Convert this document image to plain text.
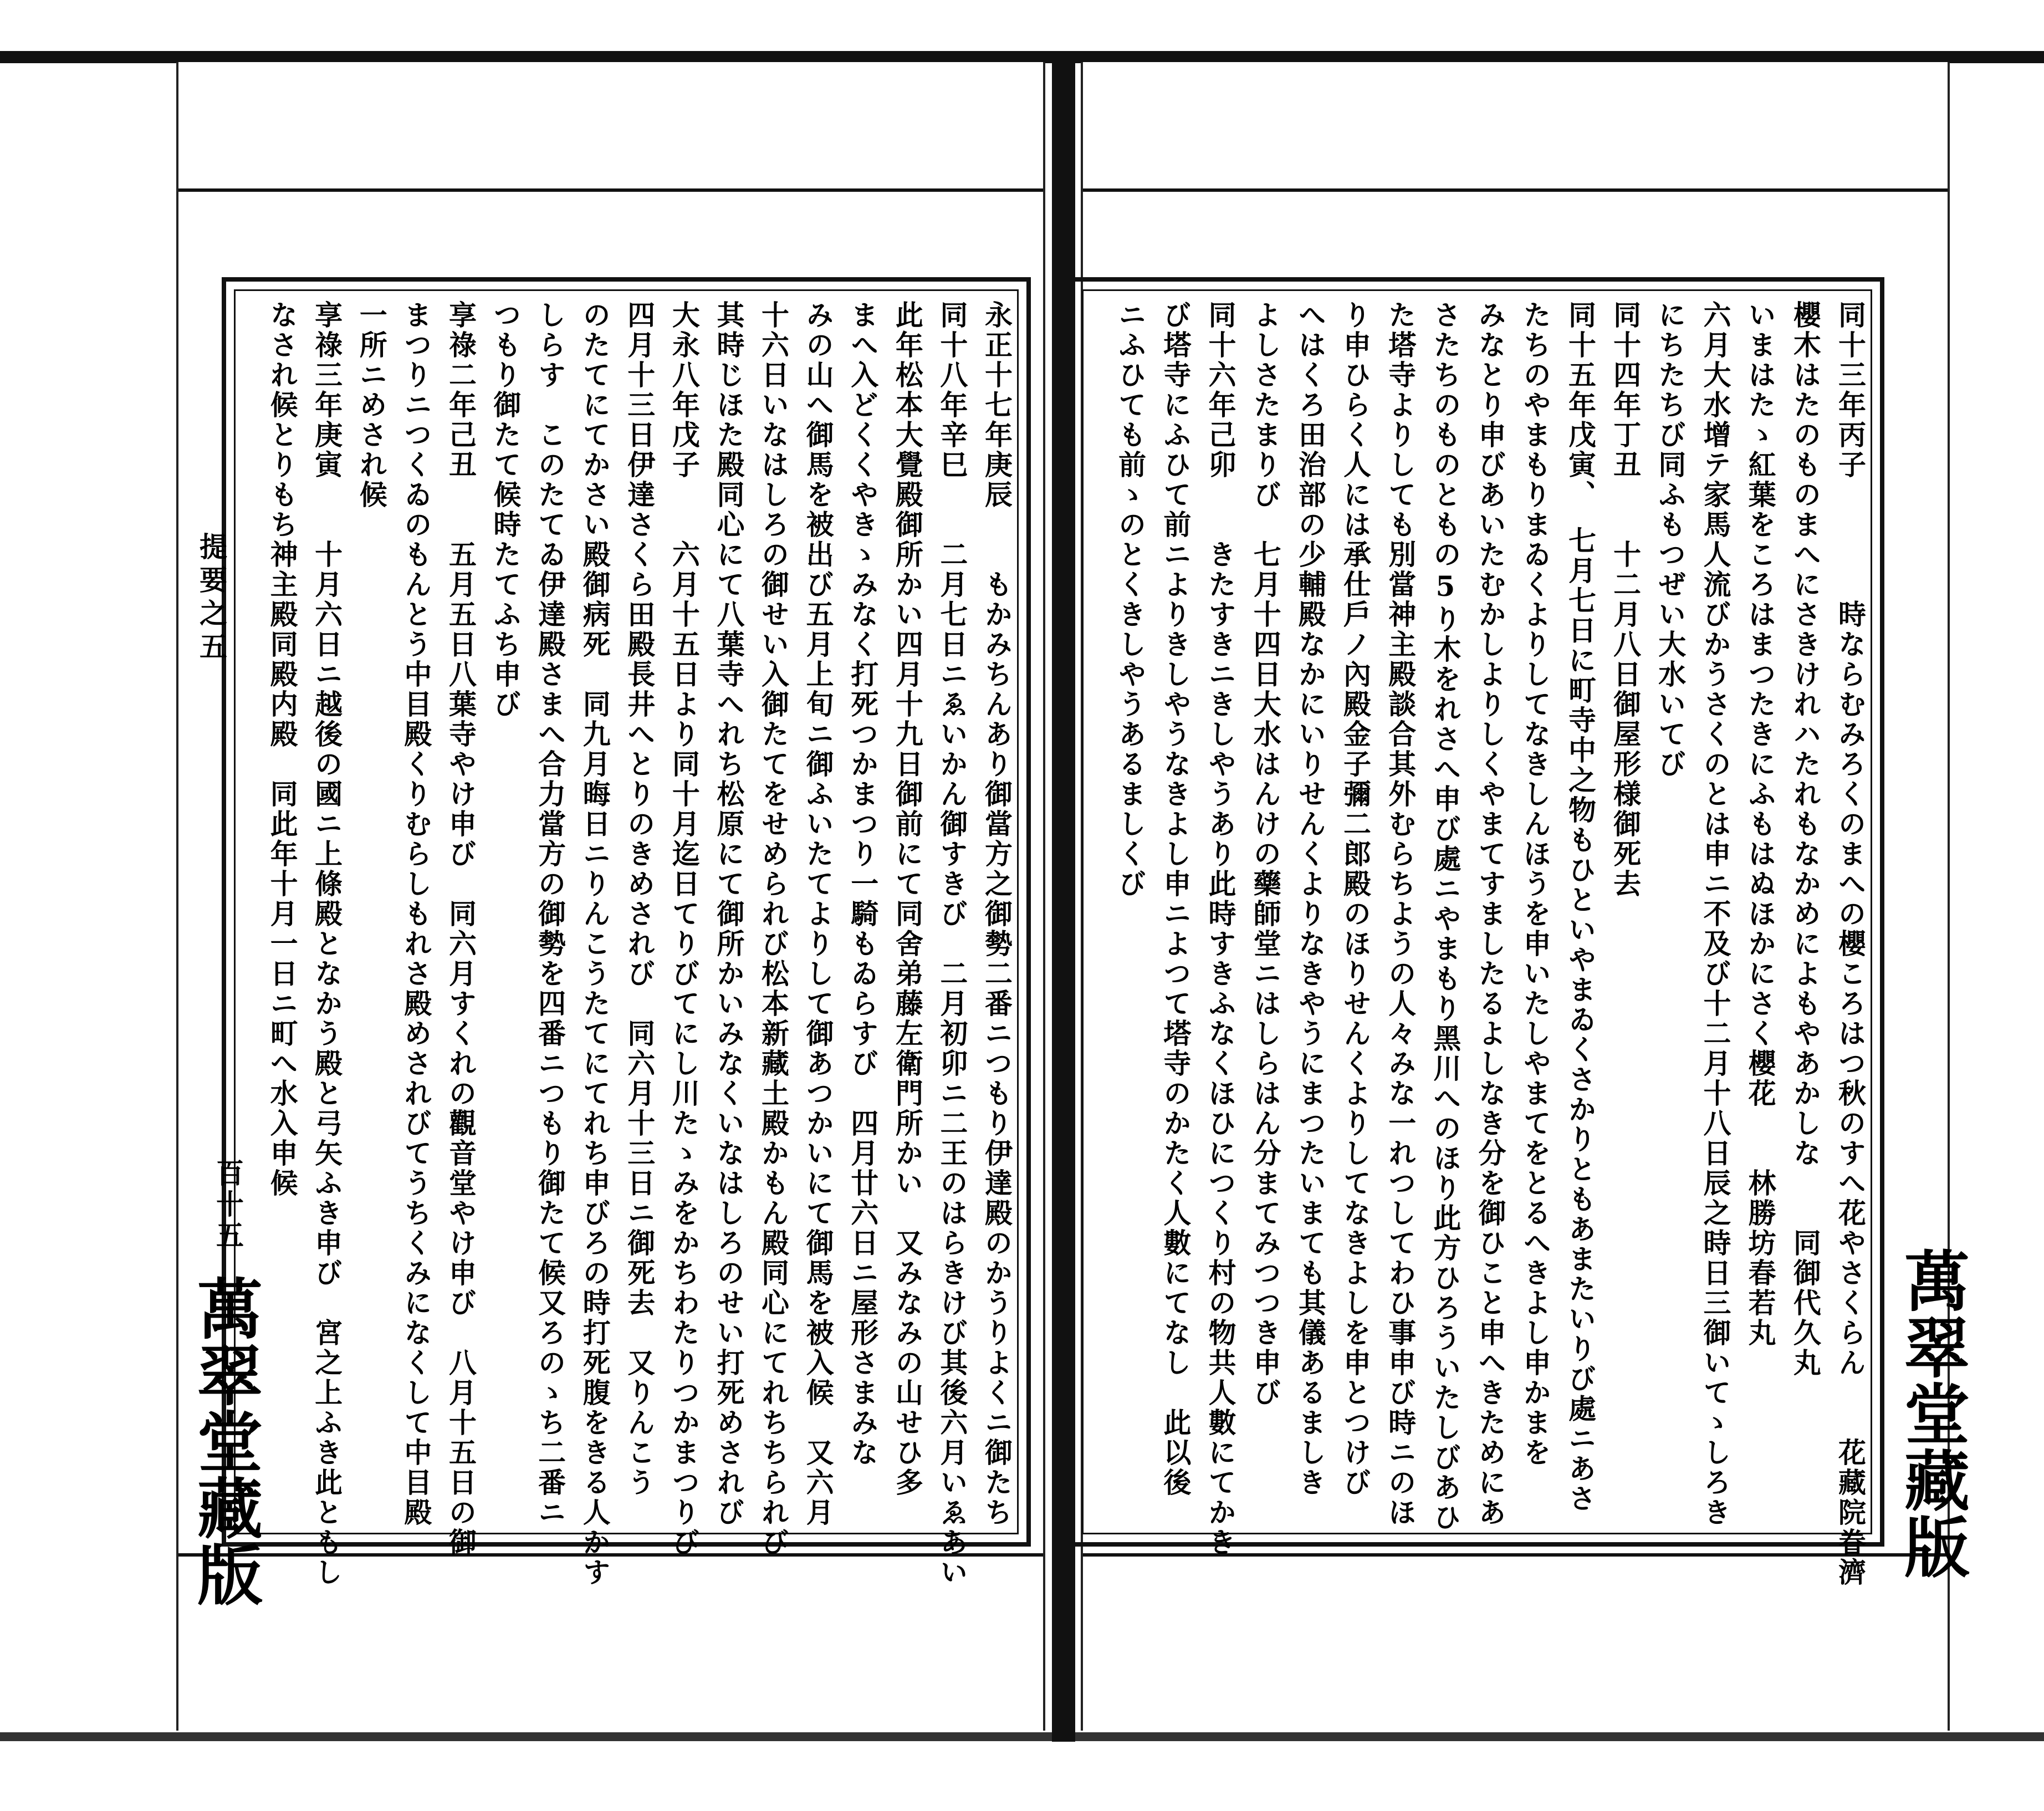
永正十七年庚辰　　もかみちんあり御當方之御勢二番ニつもり伊達殿のかうりよくニ御たち
同十八年辛巳　　二月七日ニゑいかん御すきび　二月初卯ニ二王のはらきけび其後六月いゑあい
此年松本大覺殿御所かい四月十九日御前にて同舍弟藤左衛門所かい　又みなみの山せひ多
まへ入どくくやきゝみなく打死つかまつり一騎もゐらすび　四月廿六日ニ屋形さまみな
みの山へ御馬を被出び五月上旬ニ御ふいたてよりして御あつかいにて御馬を被入候　又六月
十六日いなはしろの御せい入御たてをせめられび松本新藏土殿かもん殿同心にてれちちられび
其時じほた殿同心にて八葉寺へれち松原にて御所かいみなくいなはしろのせい打死めされび
大永八年戊子　　六月十五日より同十月迄日てりびてにし川たゝみをかちわたりつかまつりび
四月十三日伊達さくら田殿長井へとりのきめされび　同六月十三日ニ御死去　又りんこう
のたてにてかさい殿御病死　同九月晦日ニりんこうたてにてれち申びろの時打死腹をきる人かす
しらす　このたてゐ伊達殿さまへ合力當方の御勢を四番ニつもり御たて候又ろのゝち二番ニ
つもり御たて候時たてふち申び
享祿二年己丑　　五月五日八葉寺やけ申び　同六月すくれの觀音堂やけ申び　八月十五日の御
まつりニつくゐのもんとう中目殿くりむらしもれさ殿めされびてうちくみになくして中目殿
一所ニめされ候
享祿三年庚寅　　十月六日ニ越後の國ニ上條殿となかう殿と弓矢ふき申び　宮之上ふき此ともし
なされ候とりもち神主殿同殿内殿　同此年十月一日ニ町へ水入申候
提要之五
百十五
萬翠堂藏版	同十三年丙子　　　　時ならむみろくのまへの櫻ころはつ秋のすへ花やさくらん　　花藏院眷濟
櫻木はたのものまへにさきけれハたれもなかめによもやあかしな　　同御代久丸
いまはたゝ紅葉をころはまつたきにふもはぬほかにさく櫻花　　林勝坊春若丸
六月大水增テ家馬人流びかうさくのとは申ニ不及び十二月十八日辰之時日三御いてゝしろき
にちたちび同ふもつぜい大水いてび
同十四年丁丑　　十二月八日御屋形様御死去
同十五年戊寅、　七月七日に町寺中之物もひといやまゐくさかりともあまたいりび處ニあさ
たちのやまもりまゐくよりしてなきしんほうを申いたしやまてをとるへきよし申かまを
みなとり申びあいたむかしよりしくやまてすましたるよしなき分を御ひこと申へきためにあ
さたちのものともの5り木をれさへ申び處ニやまもり黑川へのほり此方ひろういたしびあひ
た塔寺よりしても別當神主殿談合其外むらちようの人々みな一れつしてわひ事申び時ニのほ
り申ひらく人には承仕戶ノ內殿金子彌二郎殿のほりせんくよりしてなきよしを申とつけび
へはくろ田治部の少輔殿なかにいりせんくよりなきやうにまつたいまても其儀あるましき
よしさたまりび　七月十四日大水はんけの藥師堂ニはしらはん分まてみつつき申び
同十六年己卯　　きたすきニきしやうあり此時すきふなくほひにつくり村の物共人數にてかき
び塔寺にふひて前ニよりきしやうなきよし申ニよつて塔寺のかたく人數にてなし　此以後
ニふひても前ゝのとくきしやうあるましくび
萬翠堂藏版
